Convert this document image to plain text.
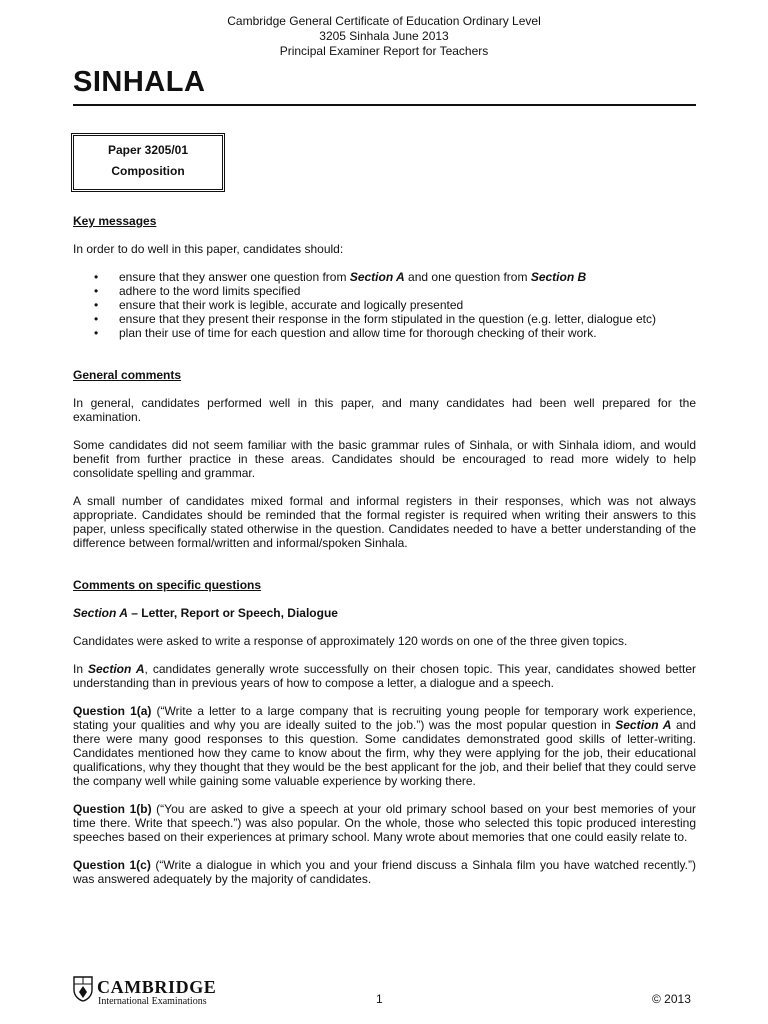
Cambridge General Certificate of Education Ordinary Level
3205 Sinhala June 2013
Principal Examiner Report for Teachers
SINHALA
Paper 3205/01
Composition

Key messages

In order to do well in this paper, candidates should:

• ensure that they answer one question from Section A and one question from Section B
• adhere to the word limits specified
• ensure that their work is legible, accurate and logically presented
• ensure that they present their response in the form stipulated in the question (e.g. letter, dialogue etc)
• plan their use of time for each question and allow time for thorough checking of their work.

General comments

In general, candidates performed well in this paper, and many candidates had been well prepared for the examination.

Some candidates did not seem familiar with the basic grammar rules of Sinhala, or with Sinhala idiom, and would benefit from further practice in these areas. Candidates should be encouraged to read more widely to help consolidate spelling and grammar.

A small number of candidates mixed formal and informal registers in their responses, which was not always appropriate. Candidates should be reminded that the formal register is required when writing their answers to this paper, unless specifically stated otherwise in the question. Candidates needed to have a better understanding of the difference between formal/written and informal/spoken Sinhala.

Comments on specific questions

Section A – Letter, Report or Speech, Dialogue

Candidates were asked to write a response of approximately 120 words on one of the three given topics.

In Section A, candidates generally wrote successfully on their chosen topic. This year, candidates showed better understanding than in previous years of how to compose a letter, a dialogue and a speech.

Question 1(a) (“Write a letter to a large company that is recruiting young people for temporary work experience, stating your qualities and why you are ideally suited to the job.”) was the most popular question in Section A and there were many good responses to this question. Some candidates demonstrated good skills of letter-writing. Candidates mentioned how they came to know about the firm, why they were applying for the job, their educational qualifications, why they thought that they would be the best applicant for the job, and their belief that they could serve the company well while gaining some valuable experience by working there.

Question 1(b) (“You are asked to give a speech at your old primary school based on your best memories of your time there. Write that speech.”) was also popular. On the whole, those who selected this topic produced interesting speeches based on their experiences at primary school. Many wrote about memories that one could easily relate to.

Question 1(c) (“Write a dialogue in which you and your friend discuss a Sinhala film you have watched recently.”) was answered adequately by the majority of candidates.

CAMBRIDGE
International Examinations	1	© 2013
